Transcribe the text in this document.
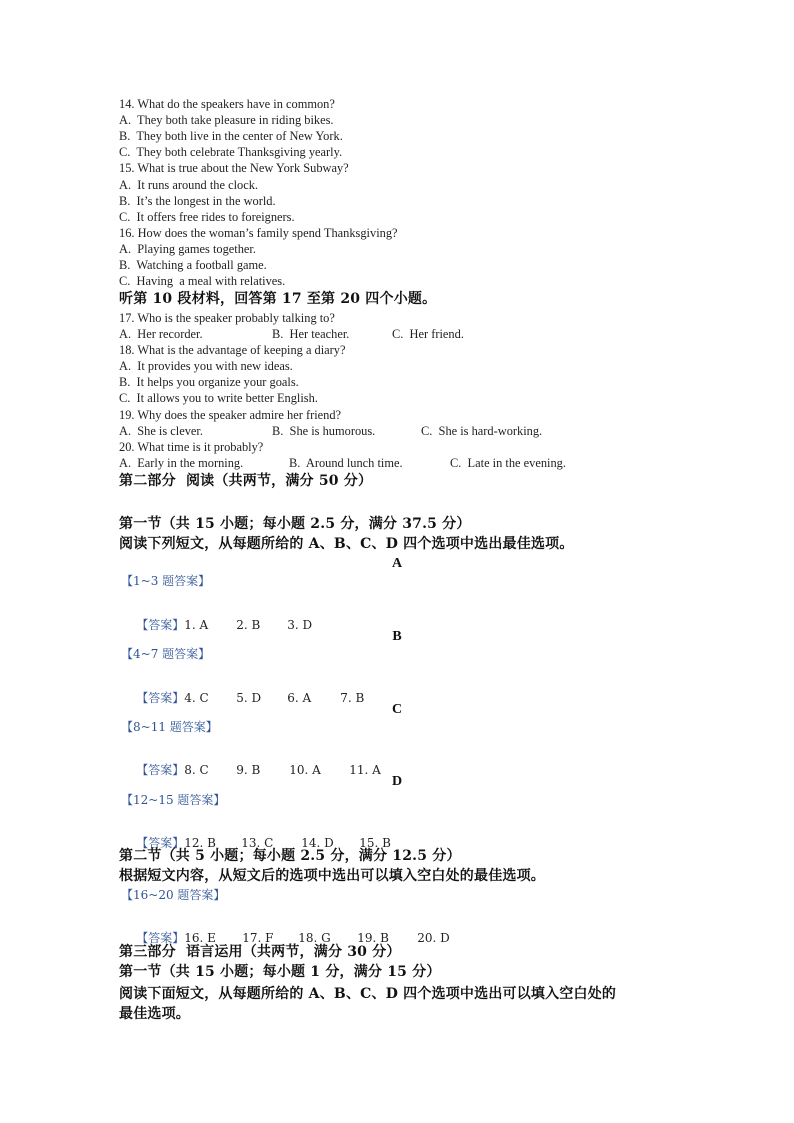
14. What do the speakers have in common?
A.  They both take pleasure in riding bikes.
B.  They both live in the center of New York.
C.  They both celebrate Thanksgiving yearly.
15. What is true about the New York Subway?
A.  It runs around the clock.
B.  It’s the longest in the world.
C.  It offers free rides to foreigners.
16. How does the woman’s family spend Thanksgiving?
A.  Playing games together.
B.  Watching a football game.
C.  Having  a meal with relatives.
听第 10 段材料，回答第 17 至第 20 四个小题。
17. Who is the speaker probably talking to?
A.  Her recorder.	B.  Her teacher.	C.  Her friend.
18. What is the advantage of keeping a diary?
A.  It provides you with new ideas.
B.  It helps you organize your goals.
C.  It allows you to write better English.
19. Why does the speaker admire her friend?
A.  She is clever.	B.  She is humorous.	C.  She is hard-working.
20. What time is it probably?
A.  Early in the morning.	B.  Around lunch time.	C.  Late in the evening.
第二部分  阅读（共两节，满分 50 分）
第一节（共 15 小题；每小题 2.5 分，满分 37.5 分）
阅读下列短文，从每题所给的 A、B、C、D 四个选项中选出最佳选项。
A
【1~3 题答案】

【答案】1. A 2. B 3. D

B
【4~7 题答案】

【答案】4. C 5. D 6. A 7. B

C
【8~11 题答案】

【答案】8. C 9. B 10. A 11. A

D
【12~15 题答案】

【答案】12. B 13. C 14. D 15. B

第二节（共 5 小题；每小题 2.5 分，满分 12.5 分）
根据短文内容，从短文后的选项中选出可以填入空白处的最佳选项。
【16~20 题答案】

【答案】16. E 17. F 18. G 19. B 20. D

第三部分  语言运用（共两节，满分 30 分）
第一节（共 15 小题；每小题 1 分，满分 15 分）
阅读下面短文，从每题所给的 A、B、C、D 四个选项中选出可以填入空白处的
最佳选项。
